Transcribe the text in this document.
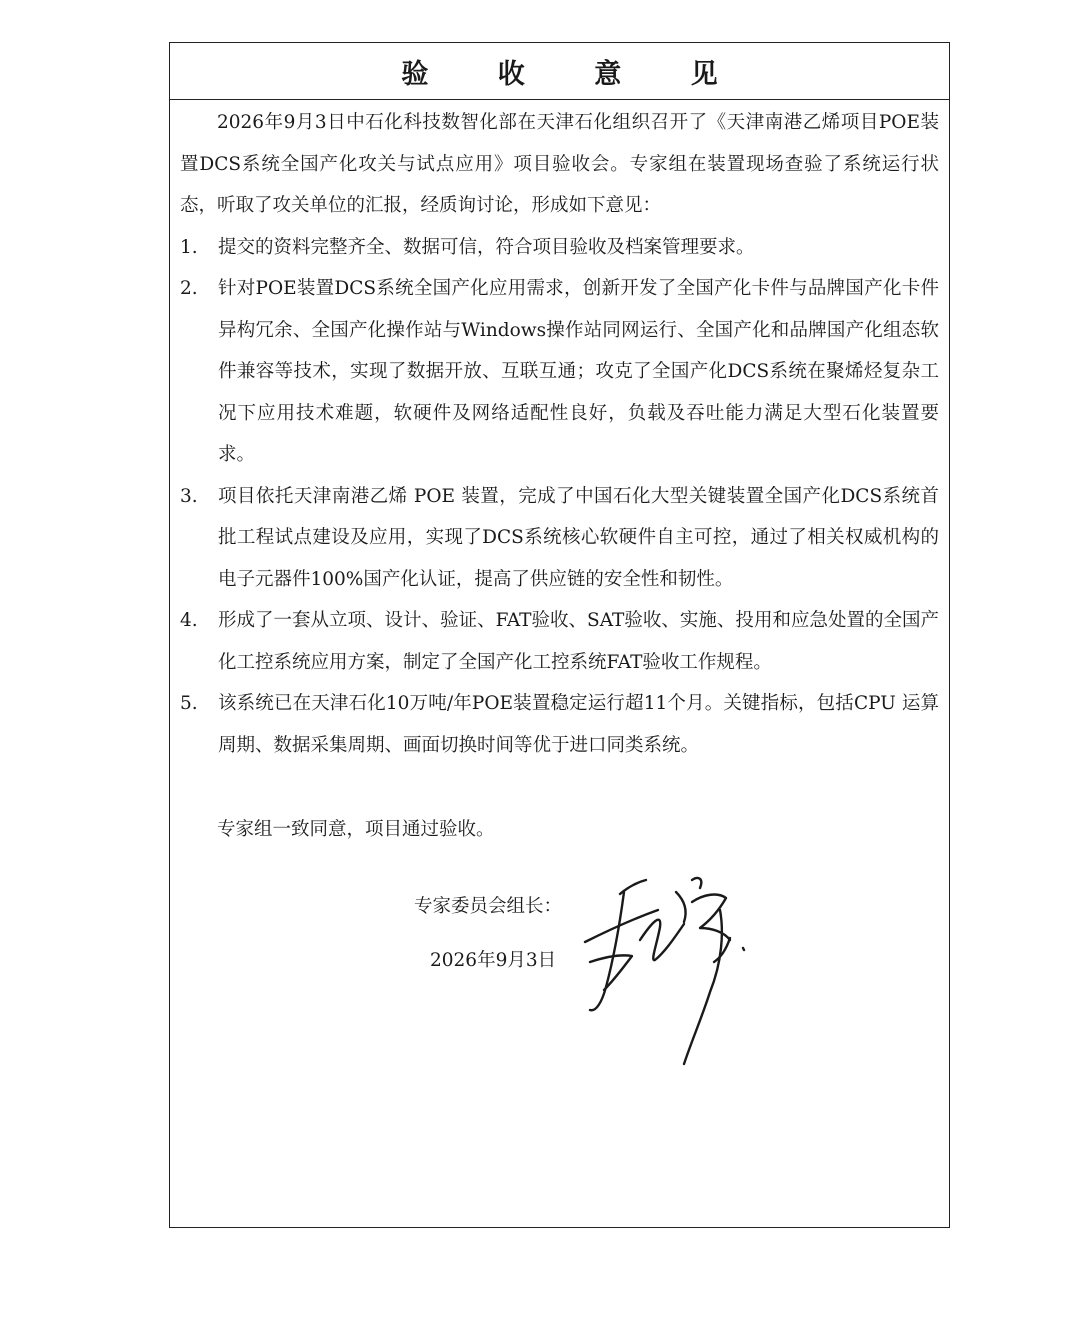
验 收 意 见

2026年9月3日中石化科技数智化部在天津石化组织召开了《天津南港乙烯项目POE装置DCS系统全国产化攻关与试点应用》项目验收会。专家组在装置现场查验了系统运行状态，听取了攻关单位的汇报，经质询讨论，形成如下意见：

1.	提交的资料完整齐全、数据可信，符合项目验收及档案管理要求。
2.	针对POE装置DCS系统全国产化应用需求，创新开发了全国产化卡件与品牌国产化卡件异构冗余、全国产化操作站与Windows操作站同网运行、全国产化和品牌国产化组态软件兼容等技术，实现了数据开放、互联互通；攻克了全国产化DCS系统在聚烯烃复杂工况下应用技术难题，软硬件及网络适配性良好，负载及吞吐能力满足大型石化装置要求。
3.	项目依托天津南港乙烯 POE 装置，完成了中国石化大型关键装置全国产化DCS系统首批工程试点建设及应用，实现了DCS系统核心软硬件自主可控，通过了相关权威机构的电子元器件100%国产化认证，提高了供应链的安全性和韧性。
4.	形成了一套从立项、设计、验证、FAT验收、SAT验收、实施、投用和应急处置的全国产化工控系统应用方案，制定了全国产化工控系统FAT验收工作规程。
5.	该系统已在天津石化10万吨/年POE装置稳定运行超11个月。关键指标，包括CPU 运算周期、数据采集周期、画面切换时间等优于进口同类系统。

专家组一致同意，项目通过验收。

专家委员会组长：
2026年9月3日
